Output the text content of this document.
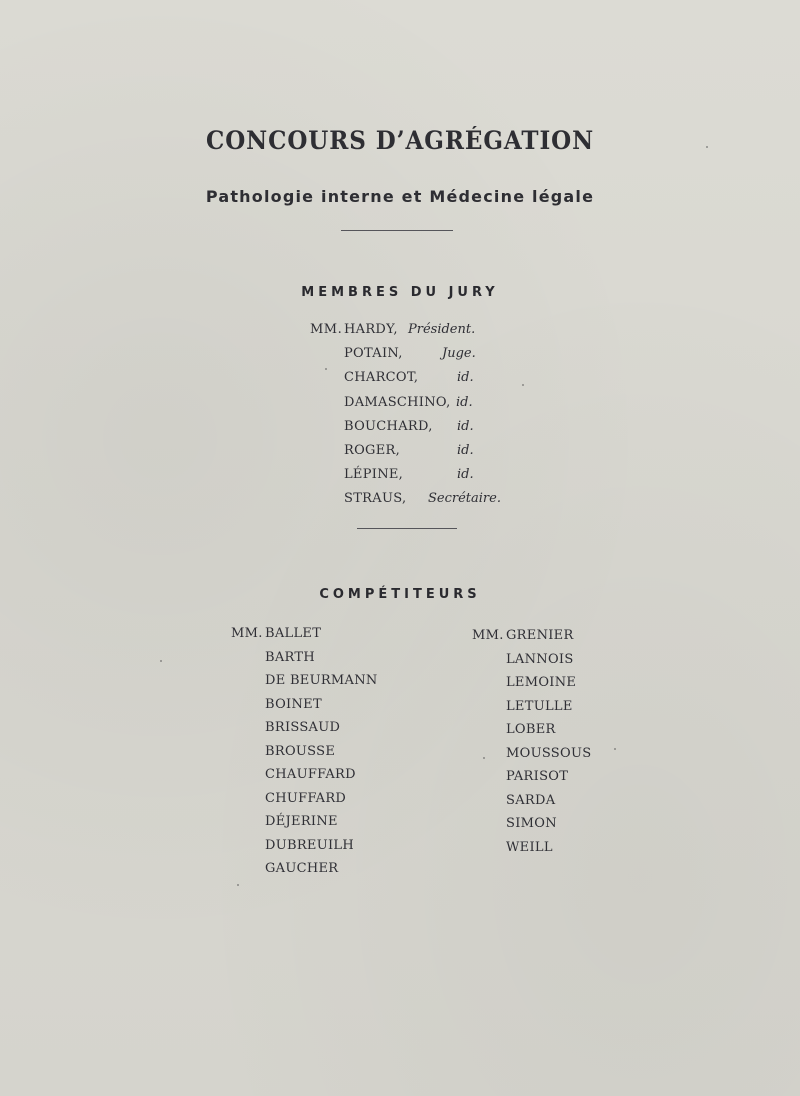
CONCOURS D’AGRÉGATION
Pathologie interne et Médecine légale
MEMBRES DU JURY
MM. HARDY, Président.
POTAIN,	Juge.
CHARCOT,	id.
DAMASCHINO, id.
BOUCHARD, id.
ROGER,	id.
LÉPINE,	id.
STRAUS, Secrétaire.
COMPÉTITEURS
MM. BALLET
BARTH
DE BEURMANN
BOINET
BRISSAUD
BROUSSE
CHAUFFARD
CHUFFARD
DÉJERINE
DUBREUILH
GAUCHER
MM. GRENIER
LANNOIS
LEMOINE
LETULLE
LOBER
MOUSSOUS
PARISOT
SARDA
SIMON
WEILL
